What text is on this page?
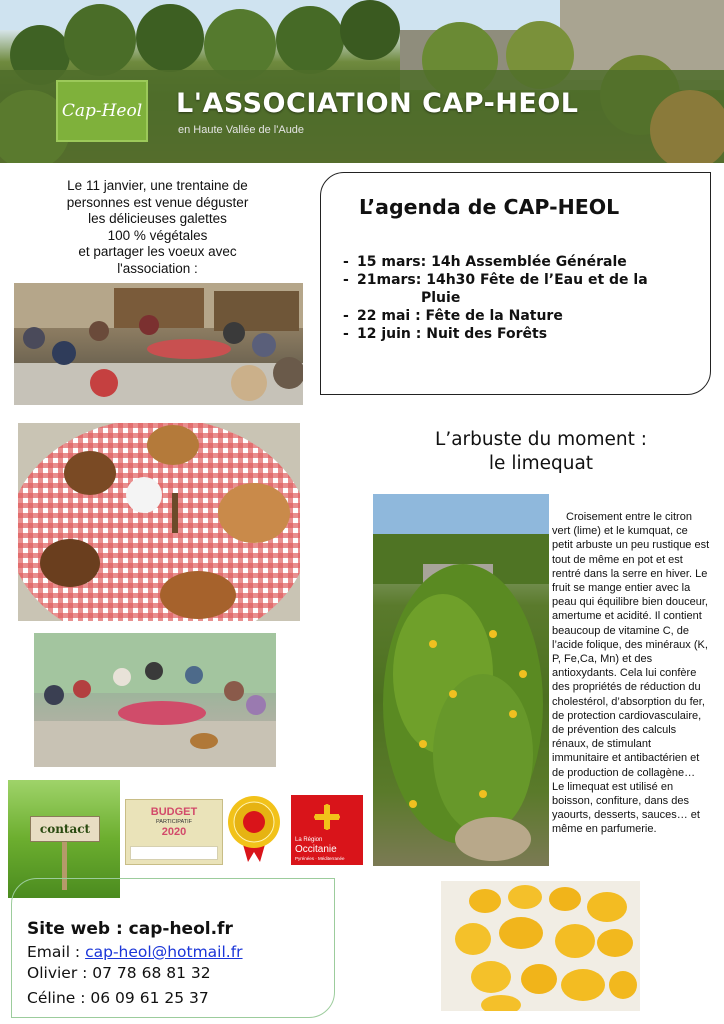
Cap-Heol L'ASSOCIATION CAP-HEOL
en Haute Vallée de l'Aude
Le 11 janvier, une trentaine de
personnes est venue déguster
les délicieuses galettes
100 % végétales
et partager les voeux avec
l'association :
L’agenda de CAP-HEOL
- 15 mars: 14h Assemblée Générale
- 21mars: 14h30 Fête de l’Eau et de la
Pluie
- 22 mai : Fête de la Nature
- 12 juin : Nuit des Forêts
L’arbuste du moment :
le limequat

Croisement entre le citron vert (lime) et le kumquat, ce petit arbuste un peu rustique est tout de même en pot et est rentré dans la serre en hiver. Le fruit se mange entier avec la peau qui équilibre bien douceur, amertume et acidité. Il contient beaucoup de vitamine C, de l’acide folique, des minéraux (K, P, Fe,Ca, Mn) et des antioxydants. Cela lui confère des propriétés de réduction du cholestérol, d’absorption du fer, de protection cardiovasculaire, de prévention des calculs rénaux, de stimulant immunitaire et antibactérien et de production de collagène… Le limequat est utilisé en boisson, confiture, dans des yaourts, desserts, sauces… et même en parfumerie.

contact
BUDGET
PARTICIPATIF
2020
La Région
Occitanie
Pyrénées · Méditerranée
Site web : cap-heol.fr
Email : cap-heol@hotmail.fr
Olivier : 07 78 68 81 32
Céline : 06 09 61 25 37
